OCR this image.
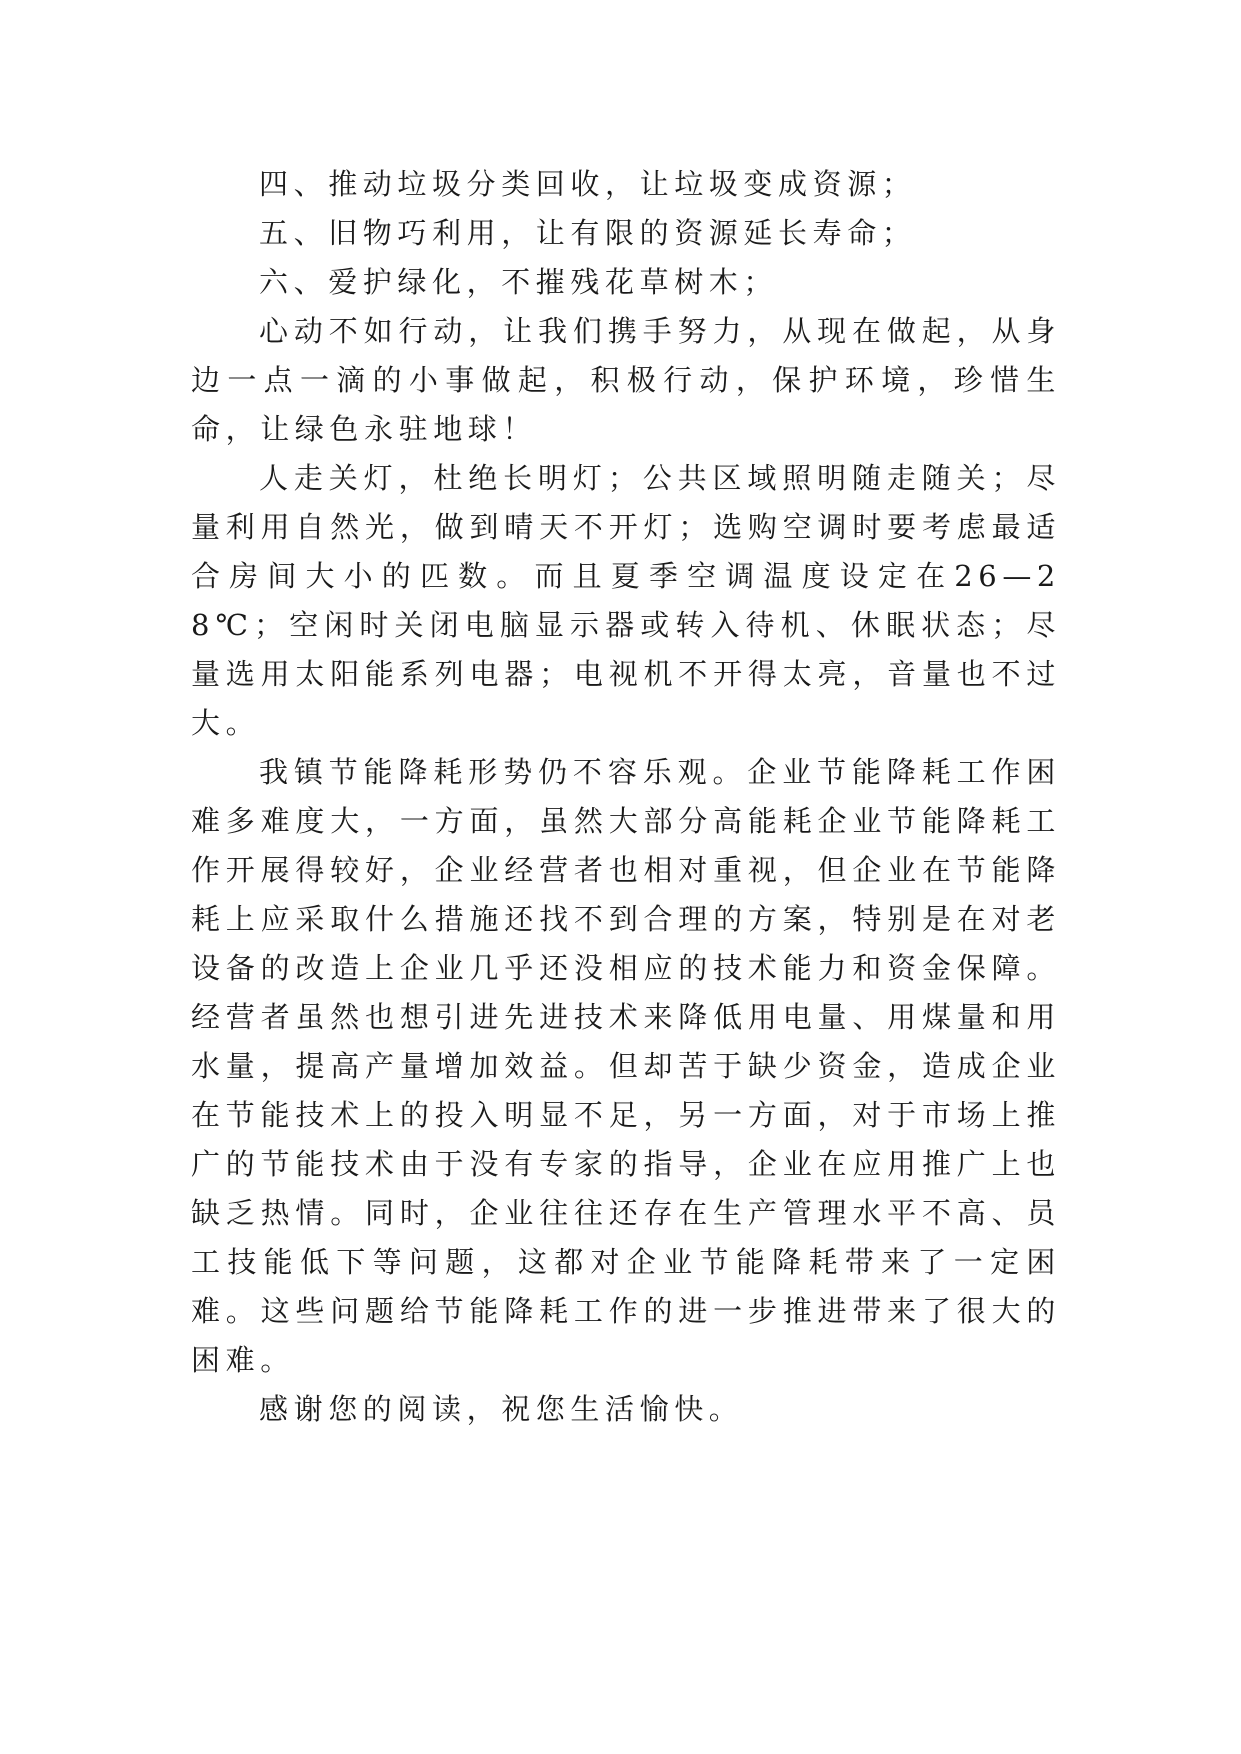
四、推动垃圾分类回收，让垃圾变成资源；

五、旧物巧利用，让有限的资源延长寿命；

六、爱护绿化，不摧残花草树木；

心动不如行动，让我们携手努力，从现在做起，从身边一点一滴的小事做起，积极行动，保护环境，珍惜生命，让绿色永驻地球！

人走关灯，杜绝长明灯；公共区域照明随走随关；尽量利用自然光，做到晴天不开灯；选购空调时要考虑最适合房间大小的匹数。而且夏季空调温度设定在26—28℃；空闲时关闭电脑显示器或转入待机、休眠状态；尽量选用太阳能系列电器；电视机不开得太亮，音量也不过大。

我镇节能降耗形势仍不容乐观。企业节能降耗工作困难多难度大，一方面，虽然大部分高能耗企业节能降耗工作开展得较好，企业经营者也相对重视，但企业在节能降耗上应采取什么措施还找不到合理的方案，特别是在对老设备的改造上企业几乎还没相应的技术能力和资金保障。经营者虽然也想引进先进技术来降低用电量、用煤量和用水量，提高产量增加效益。但却苦于缺少资金，造成企业在节能技术上的投入明显不足，另一方面，对于市场上推广的节能技术由于没有专家的指导，企业在应用推广上也缺乏热情。同时，企业往往还存在生产管理水平不高、员工技能低下等问题，这都对企业节能降耗带来了一定困难。这些问题给节能降耗工作的进一步推进带来了很大的困难。

感谢您的阅读，祝您生活愉快。
